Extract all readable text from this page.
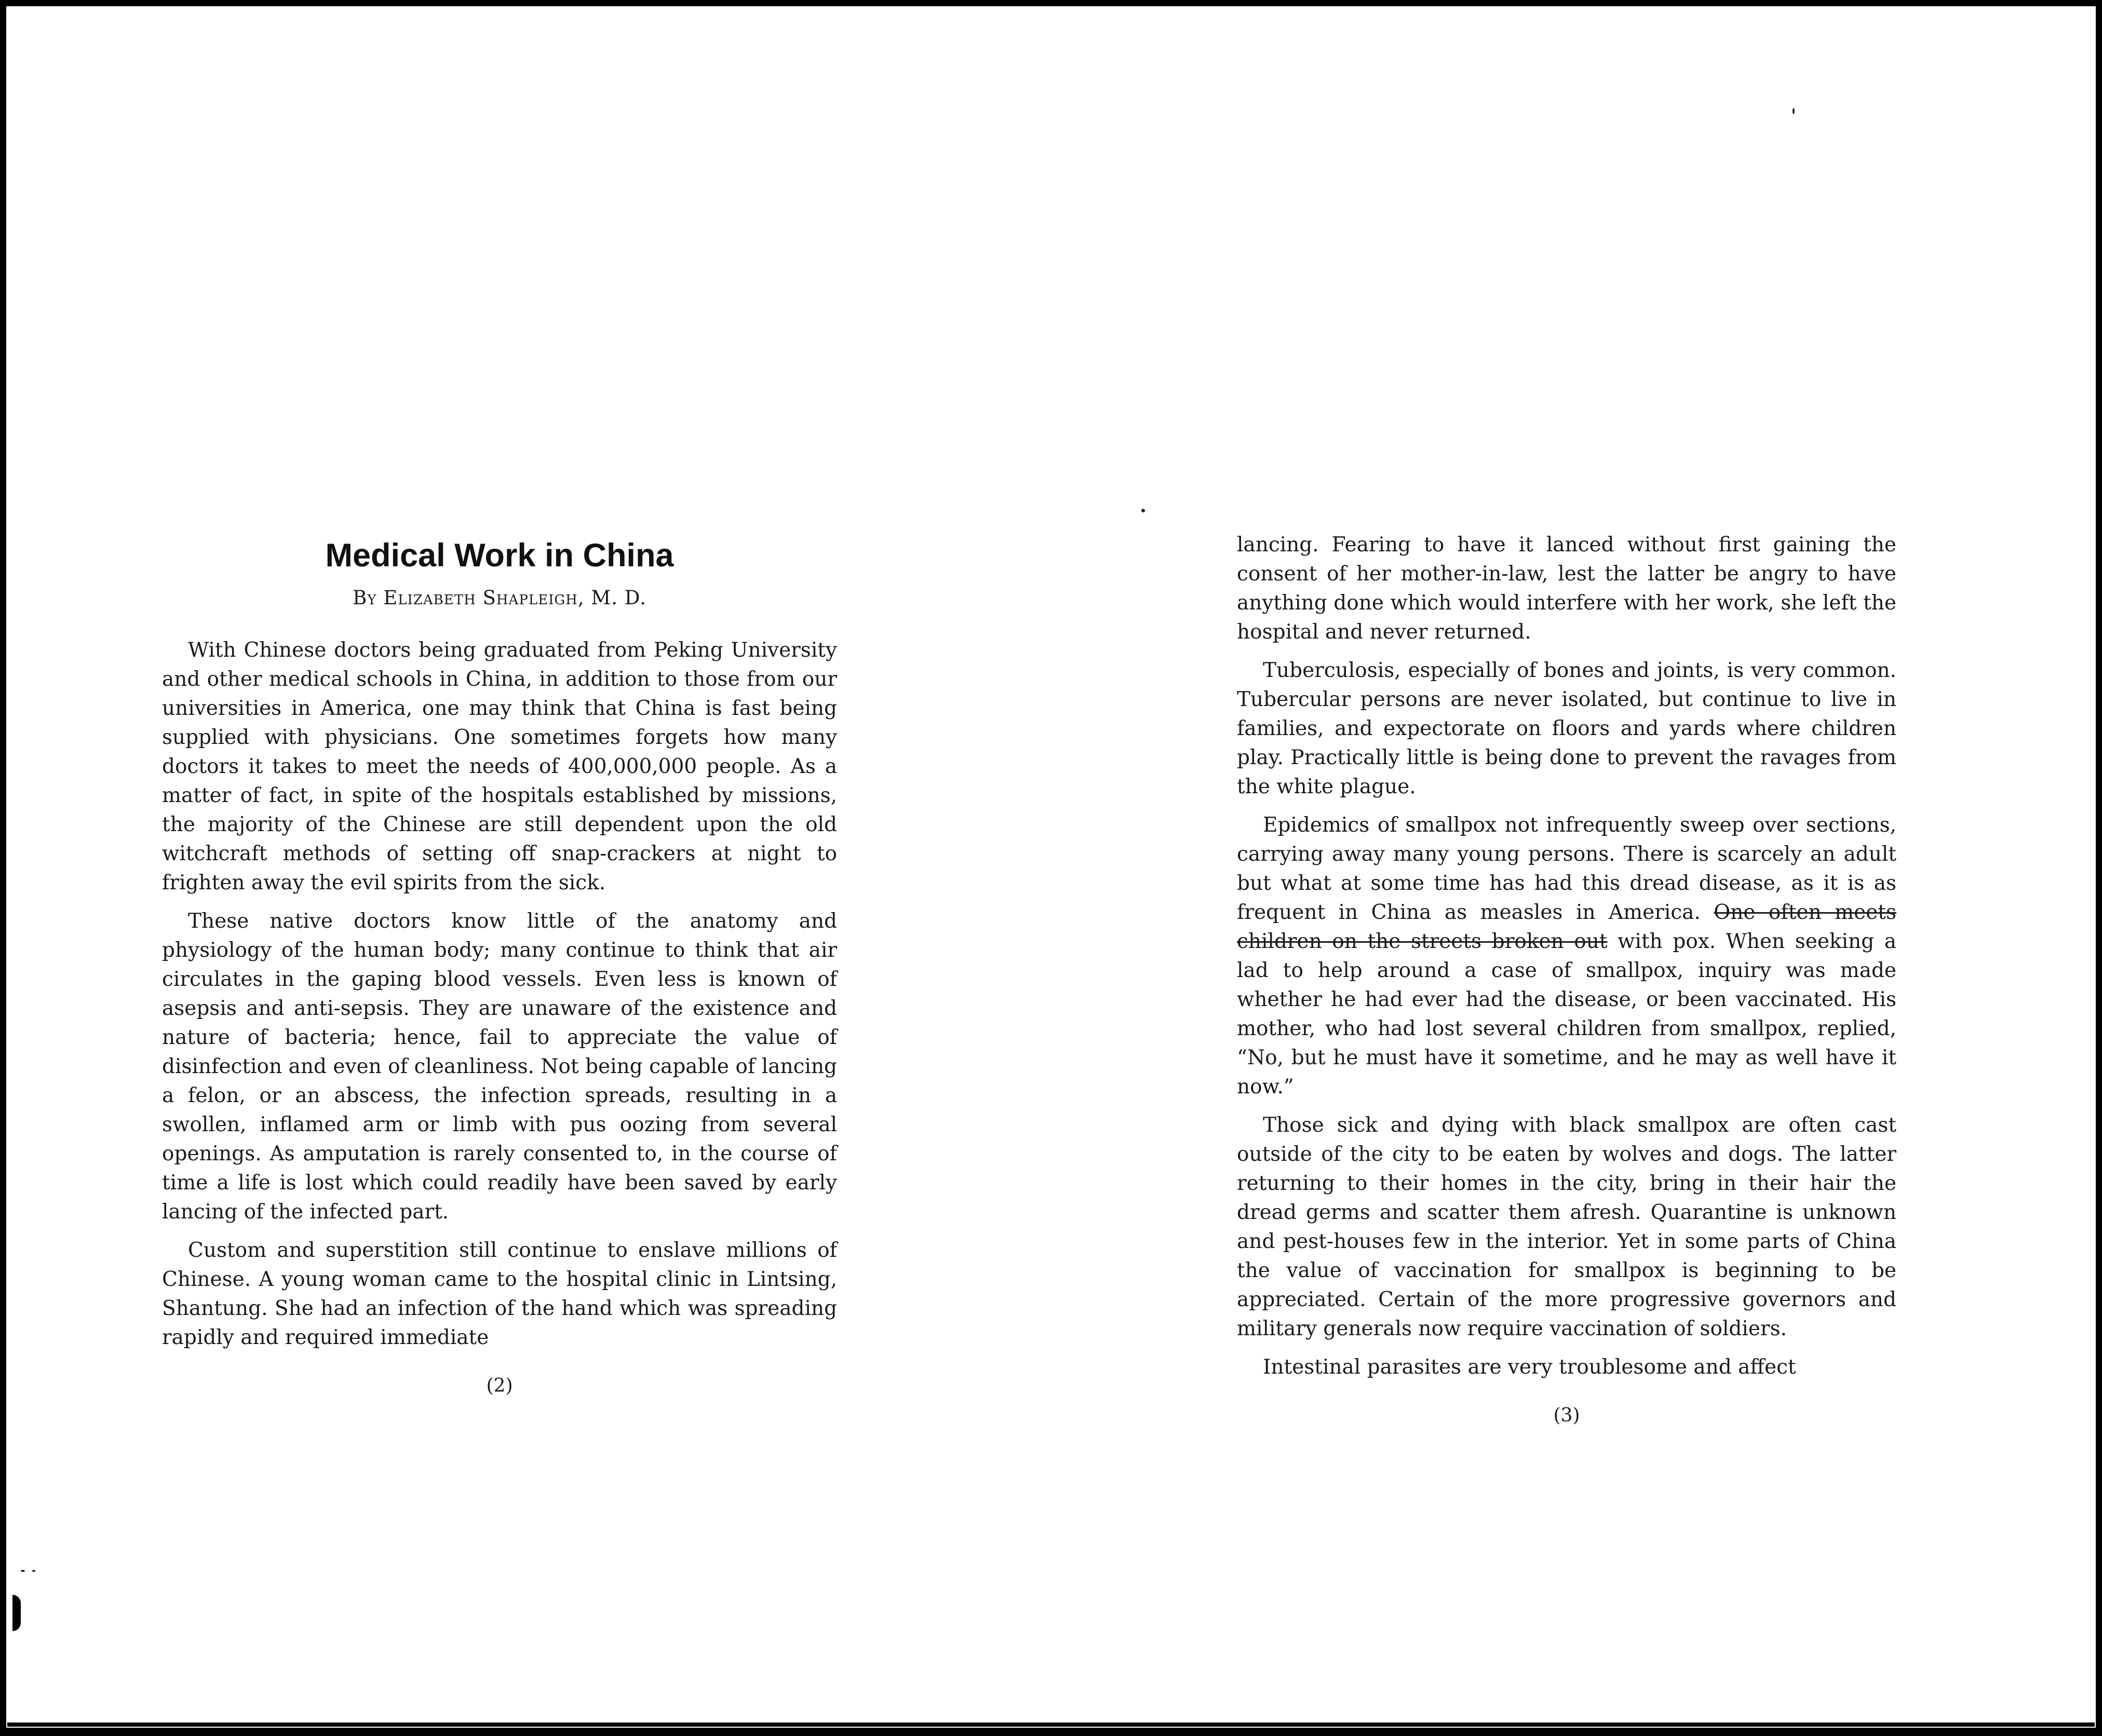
Medical Work in China
By Elizabeth Shapleigh, M. D.

With Chinese doctors being graduated from Peking University and other medical schools in China, in addition to those from our universities in America, one may think that China is fast being supplied with physicians. One sometimes forgets how many doctors it takes to meet the needs of 400,000,000 people. As a matter of fact, in spite of the hospitals established by missions, the majority of the Chinese are still dependent upon the old witchcraft methods of setting off snap-crackers at night to frighten away the evil spirits from the sick.

These native doctors know little of the anatomy and physiology of the human body; many continue to think that air circulates in the gaping blood vessels. Even less is known of asepsis and anti-sepsis. They are unaware of the existence and nature of bacteria; hence, fail to appreciate the value of disinfection and even of cleanliness. Not being capable of lancing a felon, or an abscess, the infection spreads, resulting in a swollen, inflamed arm or limb with pus oozing from several openings. As amputation is rarely consented to, in the course of time a life is lost which could readily have been saved by early lancing of the infected part.

Custom and superstition still continue to enslave millions of Chinese. A young woman came to the hospital clinic in Lintsing, Shantung. She had an infection of the hand which was spreading rapidly and required immediate

(2)

lancing. Fearing to have it lanced without first gaining the consent of her mother-in-law, lest the latter be angry to have anything done which would interfere with her work, she left the hospital and never returned.

Tuberculosis, especially of bones and joints, is very common. Tubercular persons are never isolated, but continue to live in families, and expectorate on floors and yards where children play. Practically little is being done to prevent the ravages from the white plague.

Epidemics of smallpox not infrequently sweep over sections, carrying away many young persons. There is scarcely an adult but what at some time has had this dread disease, as it is as frequent in China as measles in America. One often meets children on the streets broken out with pox. When seeking a lad to help around a case of smallpox, inquiry was made whether he had ever had the disease, or been vaccinated. His mother, who had lost several children from smallpox, replied, “No, but he must have it sometime, and he may as well have it now.”

Those sick and dying with black smallpox are often cast outside of the city to be eaten by wolves and dogs. The latter returning to their homes in the city, bring in their hair the dread germs and scatter them afresh. Quarantine is unknown and pest-houses few in the interior. Yet in some parts of China the value of vaccination for smallpox is beginning to be appreciated. Certain of the more progressive governors and military generals now require vaccination of soldiers.

Intestinal parasites are very troublesome and affect

(3)
